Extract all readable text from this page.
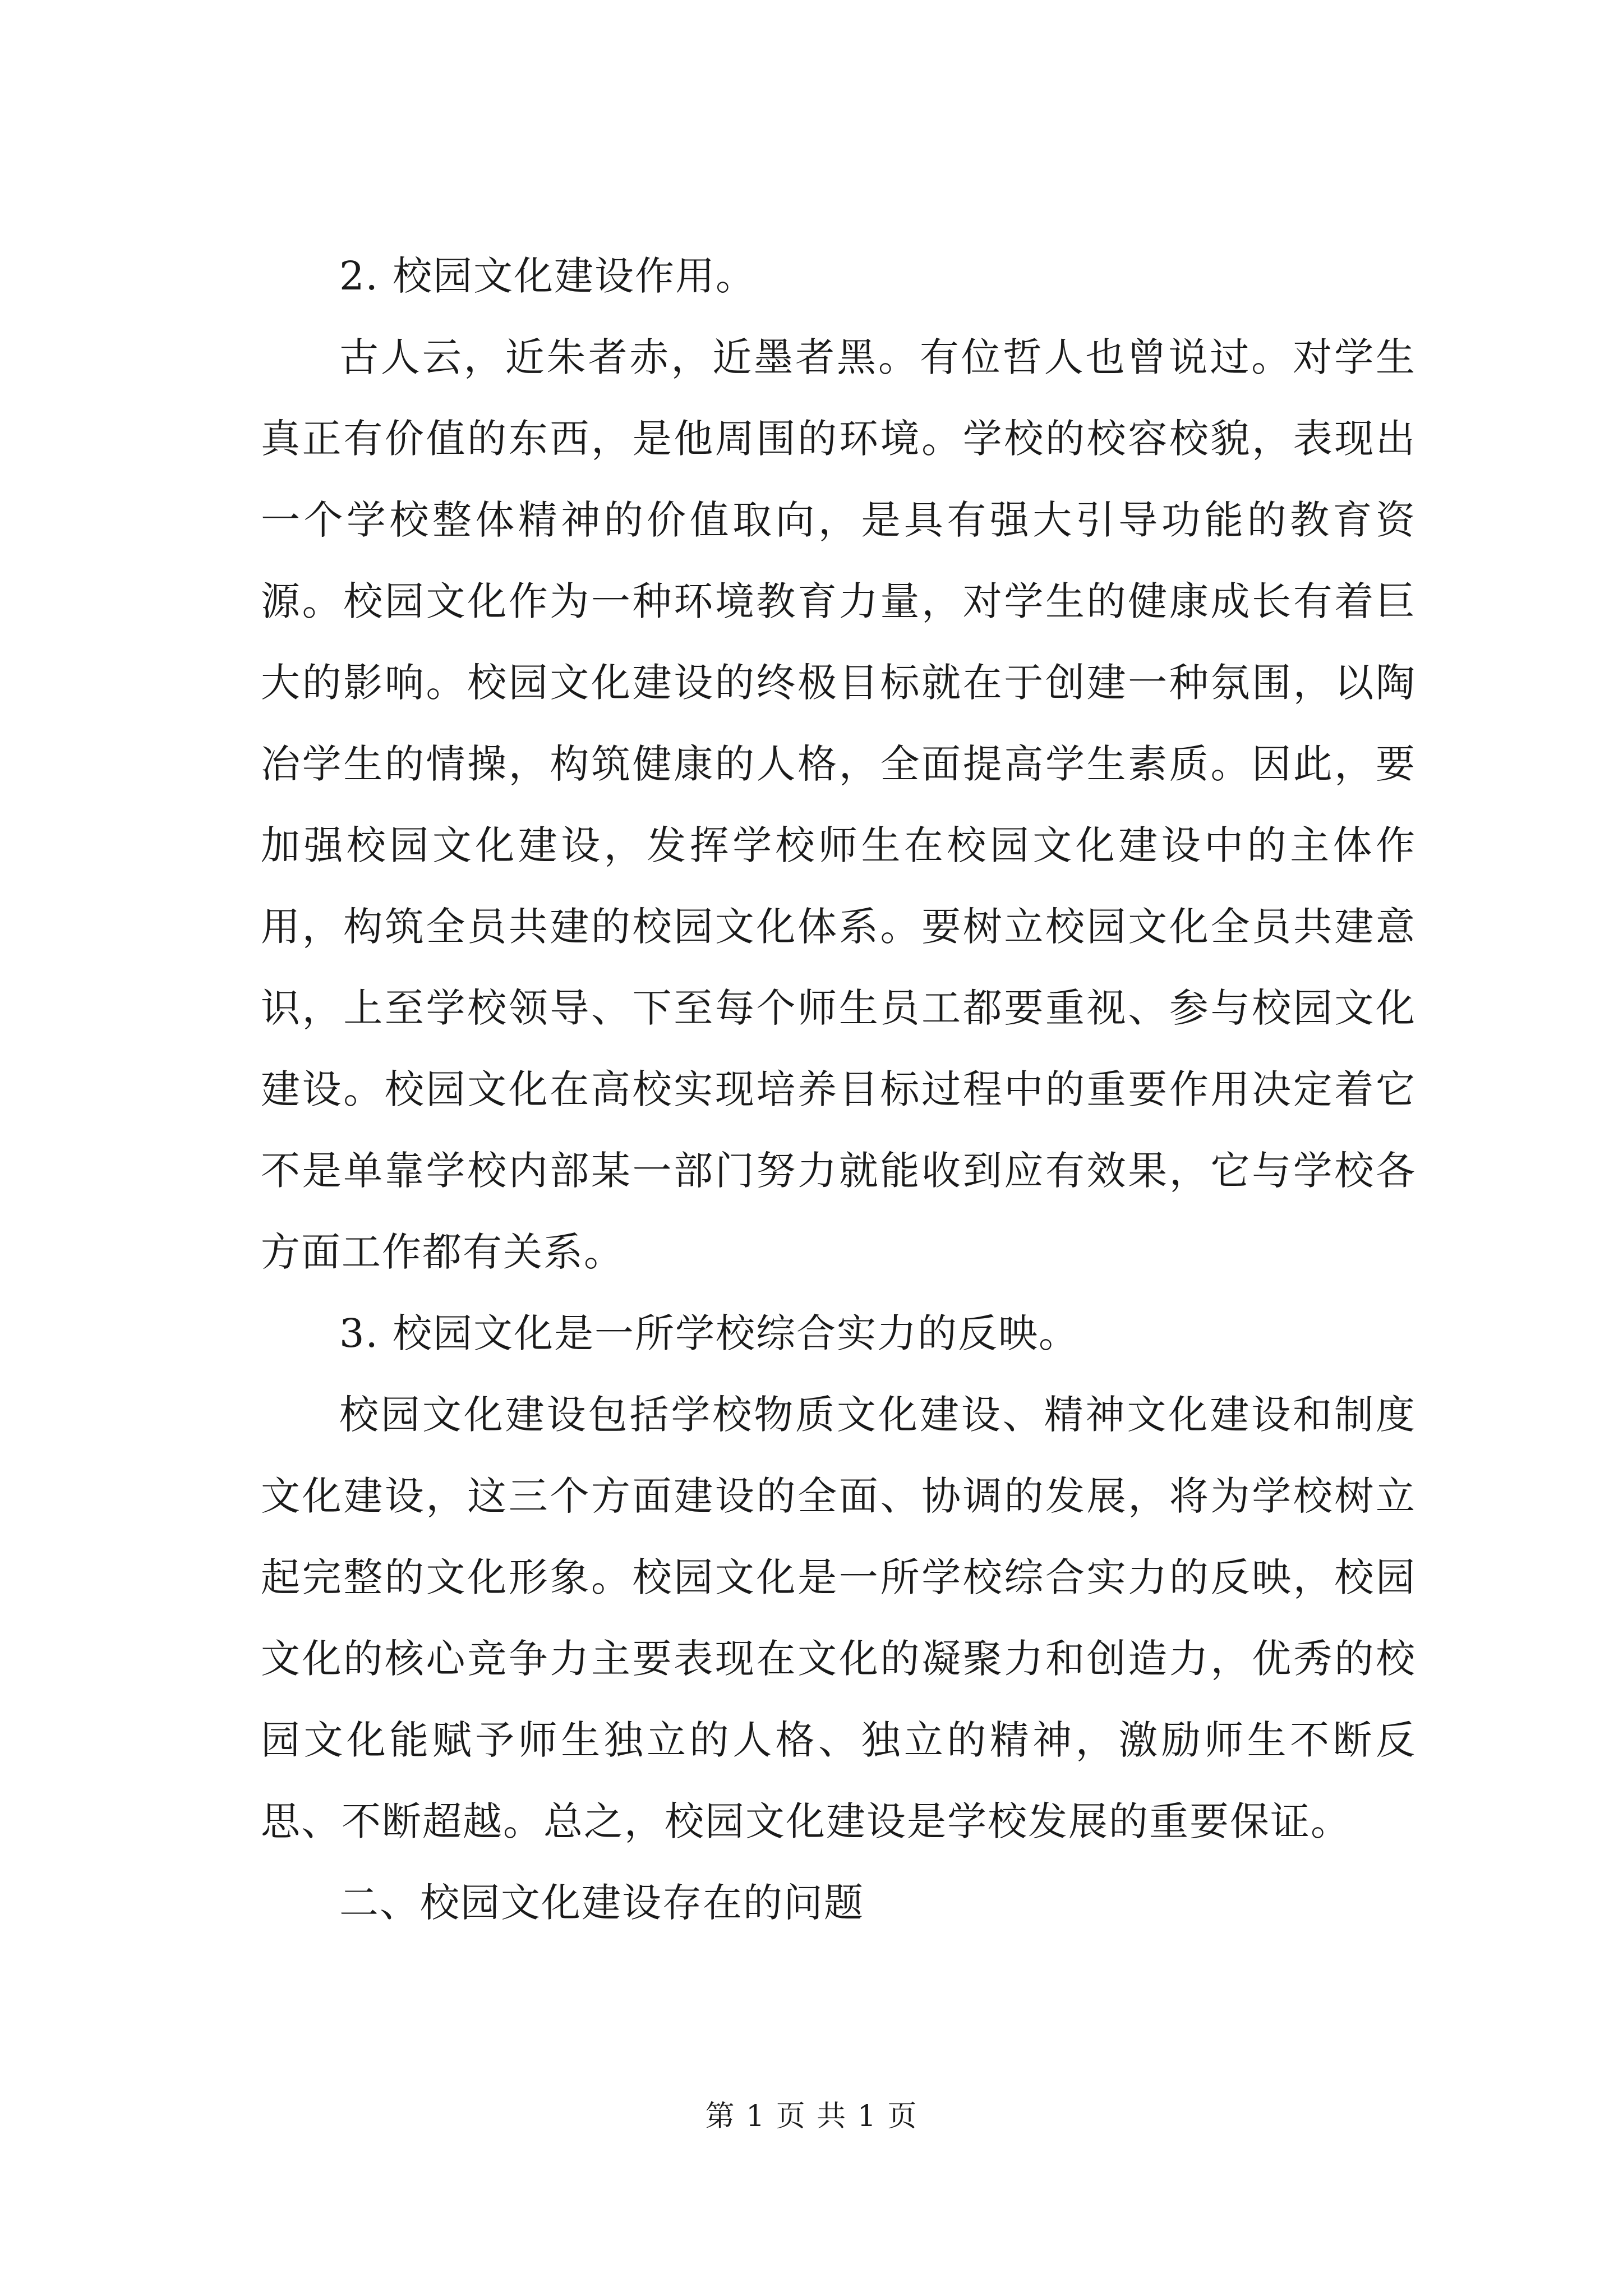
2. 校园文化建设作用。

古人云，近朱者赤，近墨者黑。有位哲人也曾说过。对学生真正有价值的东西，是他周围的环境。学校的校容校貌，表现出一个学校整体精神的价值取向，是具有强大引导功能的教育资源。校园文化作为一种环境教育力量，对学生的健康成长有着巨大的影响。校园文化建设的终极目标就在于创建一种氛围，以陶冶学生的情操，构筑健康的人格，全面提高学生素质。因此，要加强校园文化建设，发挥学校师生在校园文化建设中的主体作用，构筑全员共建的校园文化体系。要树立校园文化全员共建意识，上至学校领导、下至每个师生员工都要重视、参与校园文化建设。校园文化在高校实现培养目标过程中的重要作用决定着它不是单靠学校内部某一部门努力就能收到应有效果，它与学校各方面工作都有关系。

3. 校园文化是一所学校综合实力的反映。

校园文化建设包括学校物质文化建设、精神文化建设和制度文化建设，这三个方面建设的全面、协调的发展，将为学校树立起完整的文化形象。校园文化是一所学校综合实力的反映，校园文化的核心竞争力主要表现在文化的凝聚力和创造力，优秀的校园文化能赋予师生独立的人格、独立的精神，激励师生不断反思、不断超越。总之，校园文化建设是学校发展的重要保证。

二、校园文化建设存在的问题

第 1 页 共 1 页
